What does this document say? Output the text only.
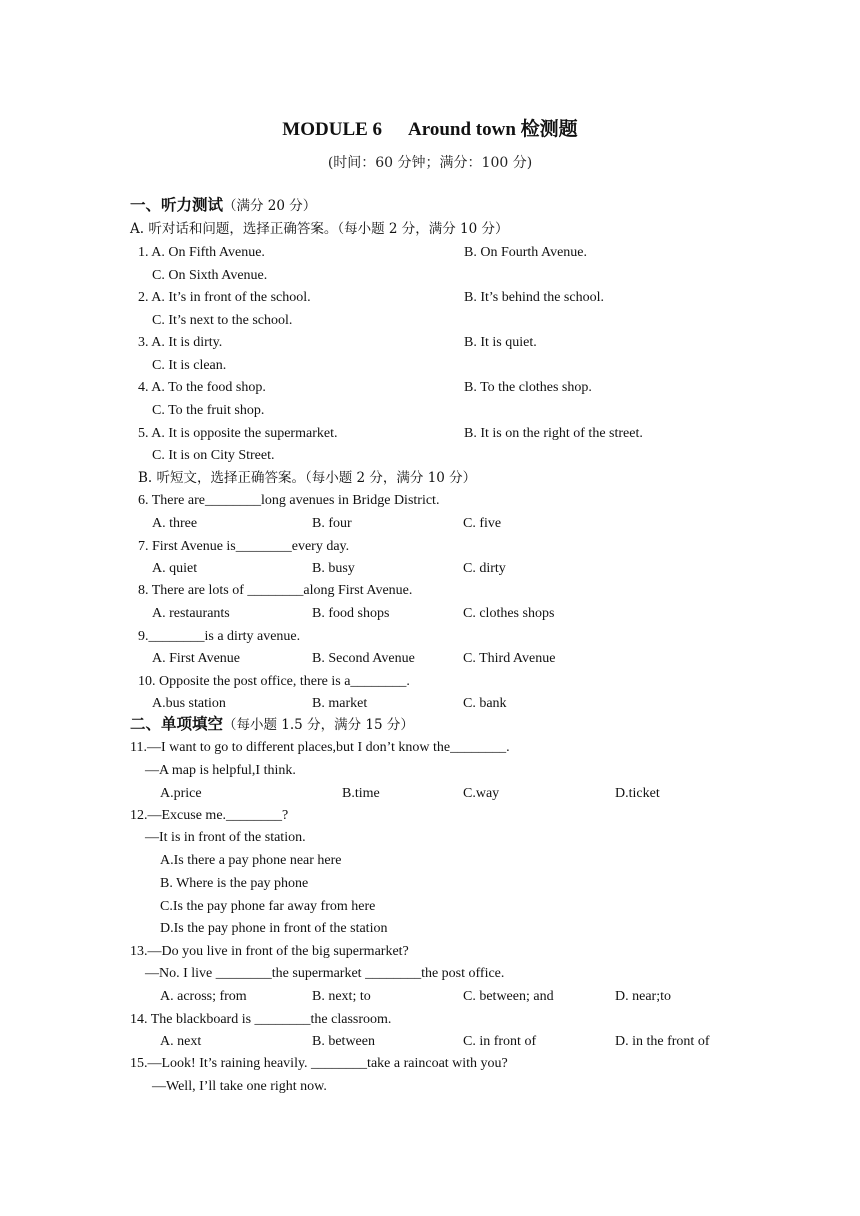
MODULE 6 Around town 检测题
(时间：60 分钟；满分：100 分)
一、听力测试（满分 20 分）
A. 听对话和问题，选择正确答案。（每小题 2 分，满分 10 分）
1. A. On Fifth Avenue.	B. On Fourth Avenue.
C. On Sixth Avenue.
2. A. It’s in front of the school.	B. It’s behind the school.
C. It’s next to the school.
3. A. It is dirty.	B. It is quiet.
C. It is clean.
4. A. To the food shop.	B. To the clothes shop.
C. To the fruit shop.
5. A. It is opposite the supermarket.	B. It is on the right of the street.
C. It is on City Street.
B. 听短文，选择正确答案。（每小题 2 分，满分 10 分）
6. There are________long avenues in Bridge District.
A. three	B. four	C. five
7. First Avenue is________every day.
A. quiet	B. busy	C. dirty
8. There are lots of ________along First Avenue.
A. restaurants	B. food shops	C. clothes shops
9.________is a dirty avenue.
A. First Avenue	B. Second Avenue	C. Third Avenue
10. Opposite the post office, there is a________.
A.bus station	B. market	C. bank
二、单项填空（每小题 1.5 分，满分 15 分）
11.—I want to go to different places,but I don’t know the________.
—A map is helpful,I think.
A.price	B.time	C.way	D.ticket
12.—Excuse me.________?
—It is in front of the station.
A.Is there a pay phone near here
B. Where is the pay phone
C.Is the pay phone far away from here
D.Is the pay phone in front of the station
13.—Do you live in front of the big supermarket?
—No. I live ________the supermarket ________the post office.
A. across; from	B. next; to	C. between; and	D. near;to
14. The blackboard is ________the classroom.
A. next	B. between	C. in front of	D. in the front of
15.—Look! It’s raining heavily. ________take a raincoat with you?
—Well, I’ll take one right now.
